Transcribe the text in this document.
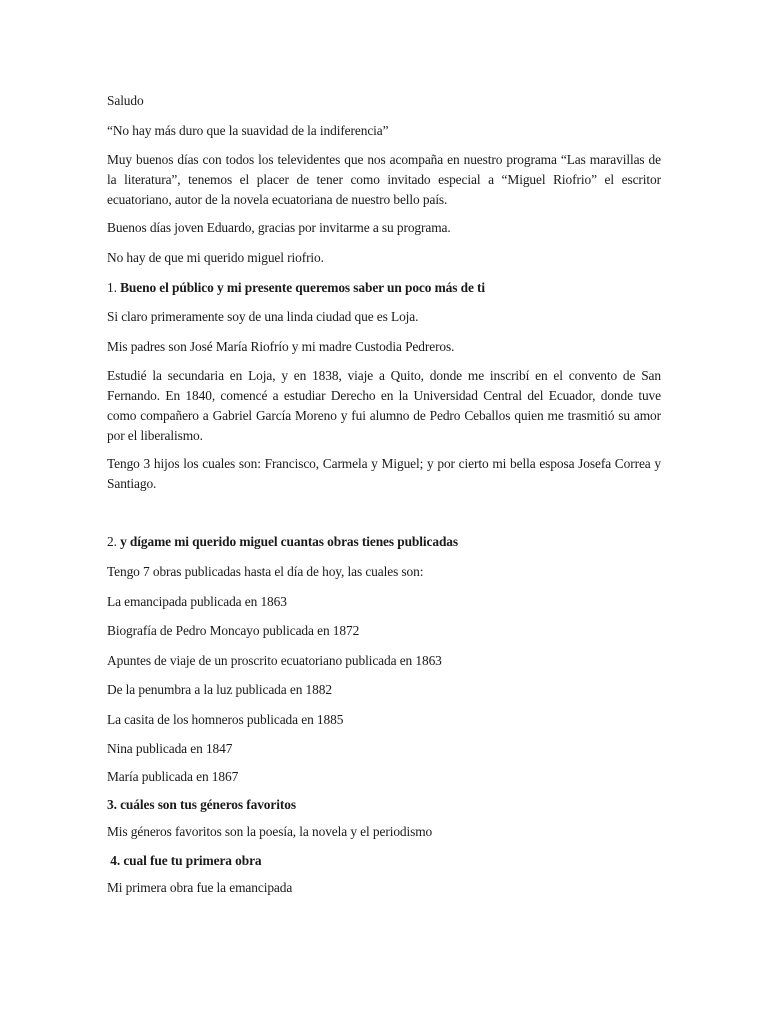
Saludo

“No hay más duro que la suavidad de la indiferencia”

Muy buenos días con todos los televidentes que nos acompaña en nuestro programa “Las maravillas de la literatura”, tenemos el placer de tener como invitado especial a “Miguel Riofrio” el escritor ecuatoriano, autor de la novela ecuatoriana de nuestro bello país.

Buenos días joven Eduardo, gracias por invitarme a su programa.

No hay de que mi querido miguel riofrio.

1. Bueno el público y mi presente queremos saber un poco más de ti

Si claro primeramente soy de una linda ciudad que es Loja.

Mis padres son José María Riofrío y mi madre Custodia Pedreros.

Estudié la secundaria en Loja, y en 1838, viaje a Quito, donde me inscribí en el convento de San Fernando. En 1840, comencé a estudiar Derecho en la Universidad Central del Ecuador, donde tuve como compañero a Gabriel García Moreno y fui alumno de Pedro Ceballos quien me trasmitió su amor por el liberalismo.

Tengo 3 hijos los cuales son: Francisco, Carmela y Miguel; y por cierto mi bella esposa Josefa Correa y Santiago.

2. y dígame mi querido miguel cuantas obras tienes publicadas

Tengo 7 obras publicadas hasta el día de hoy, las cuales son:

La emancipada publicada en 1863

Biografía de Pedro Moncayo publicada en 1872

Apuntes de viaje de un proscrito ecuatoriano publicada en 1863

De la penumbra a la luz publicada en 1882

La casita de los homneros publicada en 1885

Nina publicada en 1847

María publicada en 1867

3. cuáles son tus géneros favoritos

Mis géneros favoritos son la poesía, la novela y el periodismo

4. cual fue tu primera obra

Mi primera obra fue la emancipada
